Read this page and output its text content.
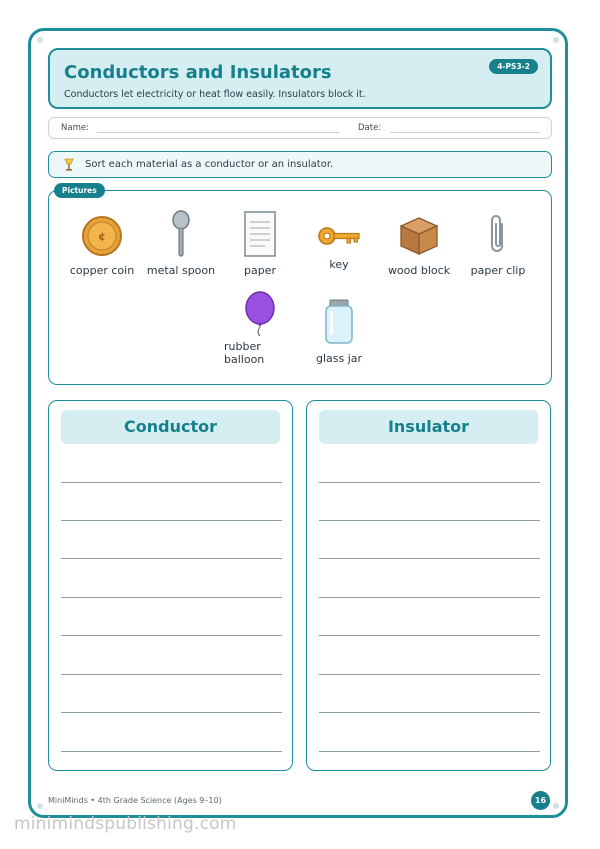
Conductors and Insulators
Conductors let electricity or heat flow easily. Insulators block it.
4-PS3-2
Name:	Date:
Sort each material as a conductor or an insulator.
Pictures
¢
copper coin	metal spoon	paper	key	wood block	paper clip
rubber
balloon	glass jar
Conductor	Insulator
MiniMinds • 4th Grade Science (Ages 9–10)	16
minimindspublishing.com
